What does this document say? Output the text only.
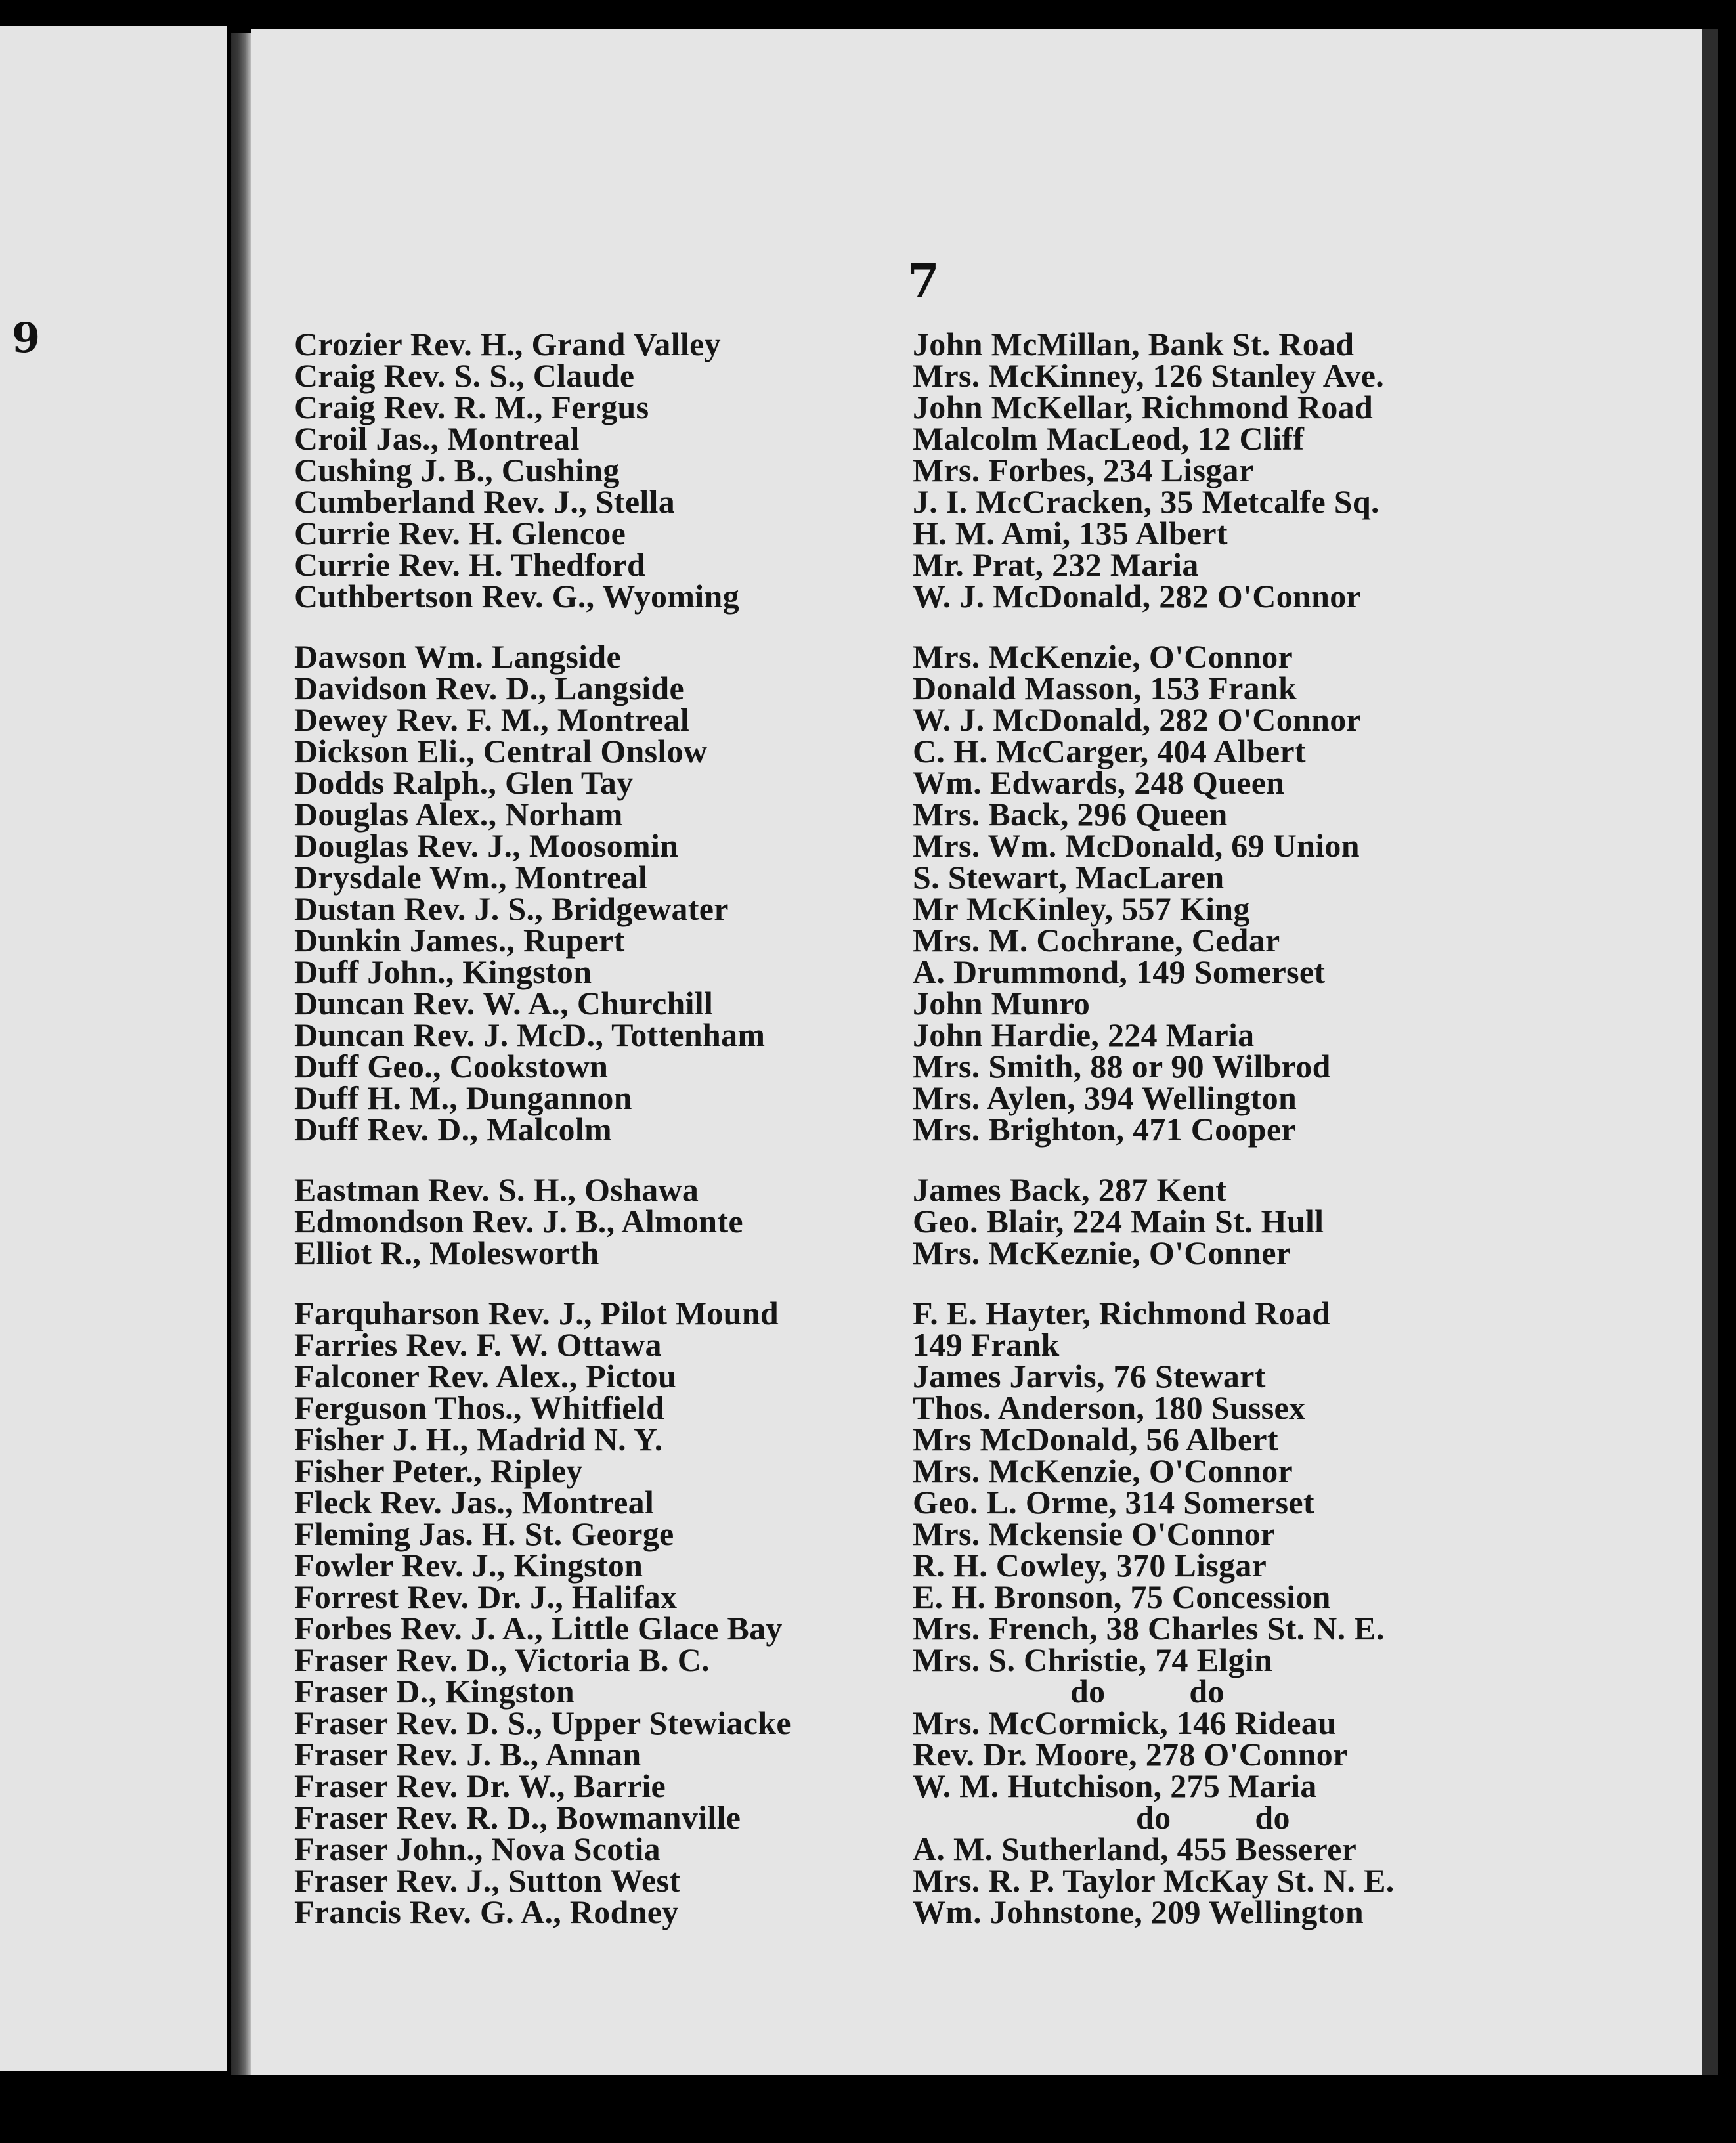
9
7
Crozier Rev. H., Grand Valley
Craig Rev. S. S., Claude
Craig Rev. R. M., Fergus
Croil Jas., Montreal
Cushing J. B., Cushing
Cumberland Rev. J., Stella
Currie Rev. H. Glencoe
Currie Rev. H. Thedford
Cuthbertson Rev. G., Wyoming
Dawson Wm. Langside
Davidson Rev. D., Langside
Dewey Rev. F. M., Montreal
Dickson Eli., Central Onslow
Dodds Ralph., Glen Tay
Douglas Alex., Norham
Douglas Rev. J., Moosomin
Drysdale Wm., Montreal
Dustan Rev. J. S., Bridgewater
Dunkin James., Rupert
Duff John., Kingston
Duncan Rev. W. A., Churchill
Duncan Rev. J. McD., Tottenham
Duff Geo., Cookstown
Duff H. M., Dungannon
Duff Rev. D., Malcolm
Eastman Rev. S. H., Oshawa
Edmondson Rev. J. B., Almonte
Elliot R., Molesworth
Farquharson Rev. J., Pilot Mound
Farries Rev. F. W. Ottawa
Falconer Rev. Alex., Pictou
Ferguson Thos., Whitfield
Fisher J. H., Madrid N. Y.
Fisher Peter., Ripley
Fleck Rev. Jas., Montreal
Fleming Jas. H. St. George
Fowler Rev. J., Kingston
Forrest Rev. Dr. J., Halifax
Forbes Rev. J. A., Little Glace Bay
Fraser Rev. D., Victoria B. C.
Fraser D., Kingston
Fraser Rev. D. S., Upper Stewiacke
Fraser Rev. J. B., Annan
Fraser Rev. Dr. W., Barrie
Fraser Rev. R. D., Bowmanville
Fraser John., Nova Scotia
Fraser Rev. J., Sutton West
Francis Rev. G. A., Rodney
John McMillan, Bank St. Road
Mrs. McKinney, 126 Stanley Ave.
John McKellar, Richmond Road
Malcolm MacLeod, 12 Cliff
Mrs. Forbes, 234 Lisgar
J. I. McCracken, 35 Metcalfe Sq.
H. M. Ami, 135 Albert
Mr. Prat, 232 Maria
W. J. McDonald, 282 O'Connor
Mrs. McKenzie, O'Connor
Donald Masson, 153 Frank
W. J. McDonald, 282 O'Connor
C. H. McCarger, 404 Albert
Wm. Edwards, 248 Queen
Mrs. Back, 296 Queen
Mrs. Wm. McDonald, 69 Union
S. Stewart, MacLaren
Mr McKinley, 557 King
Mrs. M. Cochrane, Cedar
A. Drummond, 149 Somerset
John Munro
John Hardie, 224 Maria
Mrs. Smith, 88 or 90 Wilbrod
Mrs. Aylen, 394 Wellington
Mrs. Brighton, 471 Cooper
James Back, 287 Kent
Geo. Blair, 224 Main St. Hull
Mrs. McKeznie, O'Conner
F. E. Hayter, Richmond Road
149 Frank
James Jarvis, 76 Stewart
Thos. Anderson, 180 Sussex
Mrs McDonald, 56 Albert
Mrs. McKenzie, O'Connor
Geo. L. Orme, 314 Somerset
Mrs. Mckensie O'Connor
R. H. Cowley, 370 Lisgar
E. H. Bronson, 75 Concession
Mrs. French, 38 Charles St. N. E.
Mrs. S. Christie, 74 Elgin
do          do
Mrs. McCormick, 146 Rideau
Rev. Dr. Moore, 278 O'Connor
W. M. Hutchison, 275 Maria
do          do
A. M. Sutherland, 455 Besserer
Mrs. R. P. Taylor McKay St. N. E.
Wm. Johnstone, 209 Wellington
